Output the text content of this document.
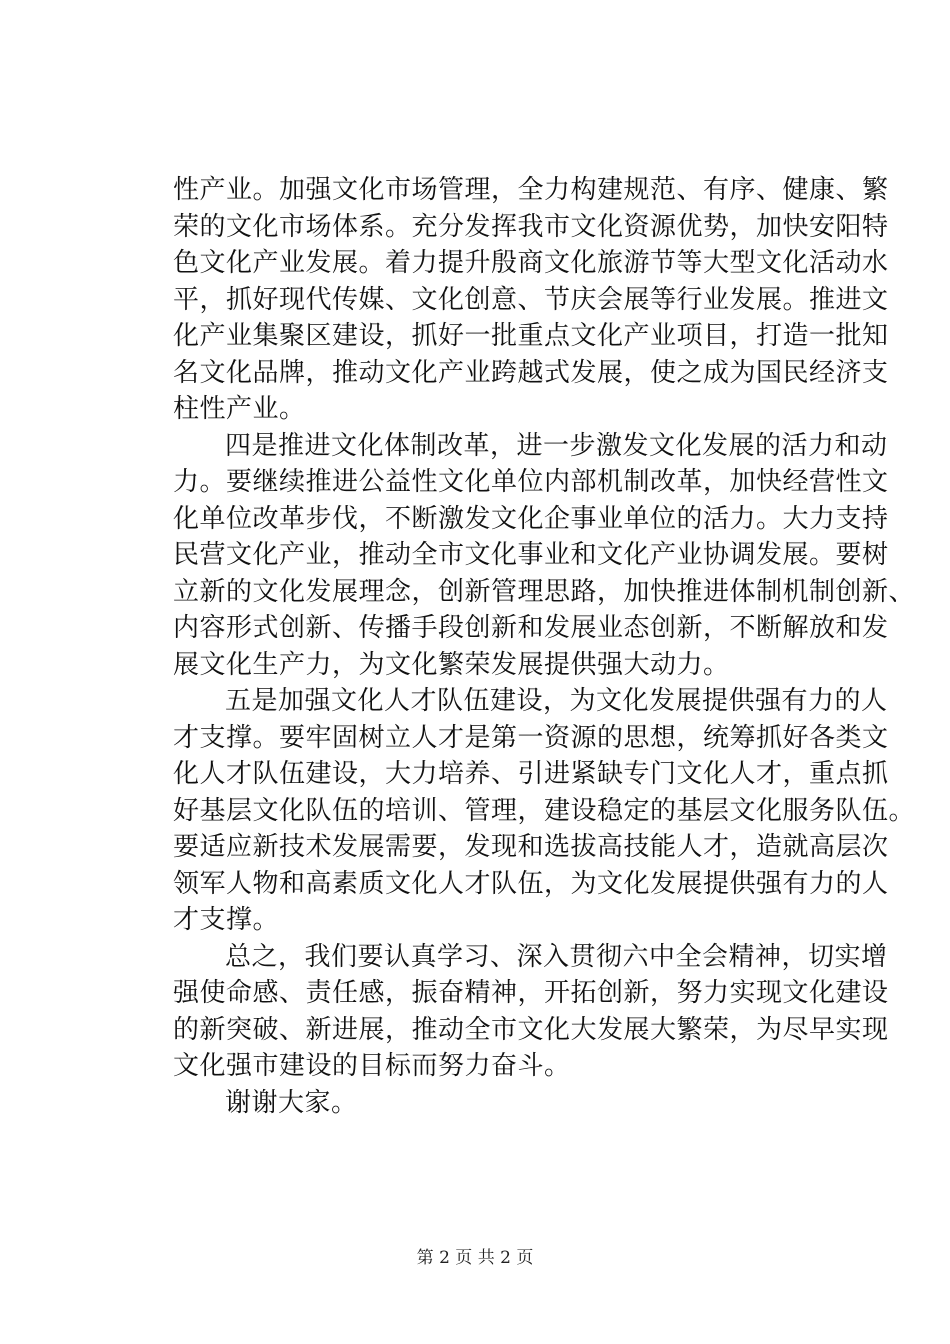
性产业。加强文化市场管理，全力构建规范、有序、健康、繁
荣的文化市场体系。充分发挥我市文化资源优势，加快安阳特
色文化产业发展。着力提升殷商文化旅游节等大型文化活动水
平，抓好现代传媒、文化创意、节庆会展等行业发展。推进文
化产业集聚区建设，抓好一批重点文化产业项目，打造一批知
名文化品牌，推动文化产业跨越式发展，使之成为国民经济支
柱性产业。

四是推进文化体制改革，进一步激发文化发展的活力和动
力。要继续推进公益性文化单位内部机制改革，加快经营性文
化单位改革步伐，不断激发文化企事业单位的活力。大力支持
民营文化产业，推动全市文化事业和文化产业协调发展。要树
立新的文化发展理念，创新管理思路，加快推进体制机制创新、
内容形式创新、传播手段创新和发展业态创新，不断解放和发
展文化生产力，为文化繁荣发展提供强大动力。

五是加强文化人才队伍建设，为文化发展提供强有力的人
才支撑。要牢固树立人才是第一资源的思想，统筹抓好各类文
化人才队伍建设，大力培养、引进紧缺专门文化人才，重点抓
好基层文化队伍的培训、管理，建设稳定的基层文化服务队伍。
要适应新技术发展需要，发现和选拔高技能人才，造就高层次
领军人物和高素质文化人才队伍，为文化发展提供强有力的人
才支撑。

总之，我们要认真学习、深入贯彻六中全会精神，切实增
强使命感、责任感，振奋精神，开拓创新，努力实现文化建设
的新突破、新进展，推动全市文化大发展大繁荣，为尽早实现
文化强市建设的目标而努力奋斗。

谢谢大家。

第 2 页 共 2 页
